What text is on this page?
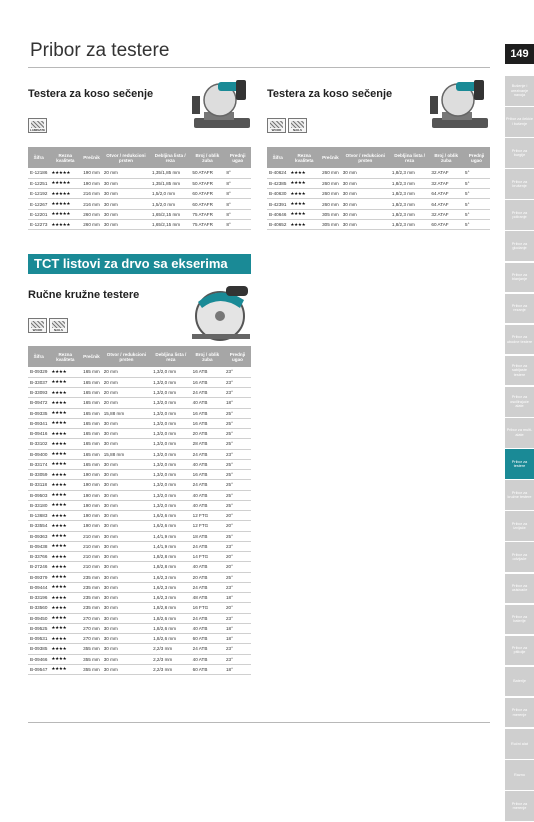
Pribor za testere	149
Bušenje i urezivanje navoja
Pribor za čekiće i bušenje
Pribor za burgije
Pribor za brušenje
Pribor za poliranje
Pribor za glodanje
Pribor za blanjanje
Pribor za rezanje
Pribor za ubodne testere
Pribor za sabljaste testere
Pribor za oscilirajuće alate
Pribor za multi-alate
Pribor za testere
Pribor za kružne testere
Pribor za izvijače
Pribor za odvijače
Pribor za usisivače
Pribor za baterije
Pribor za pištolje
Baterije
Pribor za merenje
Ručni alat
Razno
Pribor za merenje
Testera za koso sečenje
LAMINATE
Šifra	Rezna kvaliteta	Prečnik	Otvor / redukcioni prsten	Debljina lista / reza	Broj / oblik zuba	Prednji ugao
E-12186	★★★★★	190 mm	20 mm	1,35/1,85 mm	50 ATAFR	8°
E-12251	★★★★★	190 mm	30 mm	1,35/1,85 mm	50 ATAFR	8°
E-12192	★★★★★	216 mm	30 mm	1,5/2,0 mm	60 ATAFR	8°
E-12267	★★★★★	216 mm	30 mm	1,5/2,0 mm	60 ATAFR	8°
E-12201	★★★★★	260 mm	30 mm	1,65/2,15 mm	75 ATAFR	8°
E-12273	★★★★★	260 mm	30 mm	1,65/2,15 mm	75 ATAFR	8°
Testera za koso sečenje
WOOD	NAILS
Šifra	Rezna kvaliteta	Prečnik	Otvor / redukcioni prsten	Debljina lista / reza	Broj / oblik zuba	Prednji ugao
B-40624	★★★★	260 mm	30 mm	1,8/2,3 mm	32 ATAF	5°
B-42385	★★★★	260 mm	30 mm	1,8/2,3 mm	32 ATAF	5°
B-40630	★★★★	260 mm	30 mm	1,8/2,3 mm	64 ATAF	5°
B-42391	★★★★	260 mm	30 mm	1,8/2,3 mm	64 ATAF	5°
B-40646	★★★★	305 mm	30 mm	1,8/2,3 mm	32 ATAF	5°
B-40652	★★★★	305 mm	30 mm	1,8/2,3 mm	60 ATAF	5°
TCT listovi za drvo sa ekserima
Ručne kružne testere
WOOD	NAILS
Šifra	Rezna kvaliteta	Prečnik	Otvor / redukcioni prsten	Debljina lista / reza	Broj / oblik zuba	Prednji ugao
B-09329	★★★★	165 mm	20 mm	1,3/2,0 mm	16 ATB	23°
B-33037	★★★★	165 mm	20 mm	1,3/2,0 mm	16 ATB	23°
B-33093	★★★★	165 mm	20 mm	1,3/2,0 mm	24 ATB	23°
B-09472	★★★★	165 mm	20 mm	1,3/2,0 mm	40 ATB	18°
B-09335	★★★★	165 mm	15,88 mm	1,3/2,0 mm	16 ATB	25°
B-09341	★★★★	165 mm	30 mm	1,3/2,0 mm	16 ATB	25°
B-09416	★★★★	165 mm	30 mm	1,3/2,0 mm	20 ATB	25°
B-33102	★★★★	165 mm	30 mm	1,3/2,0 mm	28 ATB	25°
B-09400	★★★★	165 mm	15,88 mm	1,3/2,0 mm	24 ATB	23°
B-33174	★★★★	165 mm	30 mm	1,3/2,0 mm	40 ATB	25°
B-33059	★★★★	190 mm	30 mm	1,3/2,0 mm	16 ATB	25°
B-33118	★★★★	190 mm	30 mm	1,3/2,0 mm	24 ATB	25°
B-09503	★★★★	190 mm	30 mm	1,3/2,0 mm	40 ATB	25°
B-33180	★★★★	190 mm	30 mm	1,3/2,0 mm	40 ATB	25°
B-13683	★★★★	190 mm	30 mm	1,6/2,6 mm	12 FTG	20°
B-33554	★★★★	190 mm	30 mm	1,6/2,6 mm	12 FTG	20°
B-09363	★★★★	210 mm	30 mm	1,4/1,9 mm	18 ATB	25°
B-09438	★★★★	210 mm	30 mm	1,4/1,9 mm	24 ATB	23°
B-33766	★★★★	210 mm	30 mm	1,8/2,8 mm	14 FTG	20°
B-27246	★★★★	210 mm	30 mm	1,8/2,8 mm	40 ATB	20°
B-09379	★★★★	235 mm	30 mm	1,6/2,3 mm	20 ATB	25°
B-09444	★★★★	235 mm	30 mm	1,6/2,3 mm	24 ATB	23°
B-33196	★★★★	235 mm	30 mm	1,6/2,3 mm	48 ATB	18°
B-33560	★★★★	235 mm	30 mm	1,8/2,8 mm	16 FTG	20°
B-09450	★★★★	270 mm	30 mm	1,8/2,6 mm	24 ATB	23°
B-09525	★★★★	270 mm	30 mm	1,8/2,6 mm	40 ATB	18°
B-09531	★★★★	270 mm	30 mm	1,8/2,6 mm	60 ATB	18°
B-09385	★★★★	355 mm	30 mm	2,2/3 mm	24 ATB	23°
B-09466	★★★★	355 mm	30 mm	2,2/3 mm	40 ATB	23°
B-09547	★★★★	355 mm	30 mm	2,2/3 mm	60 ATB	18°
